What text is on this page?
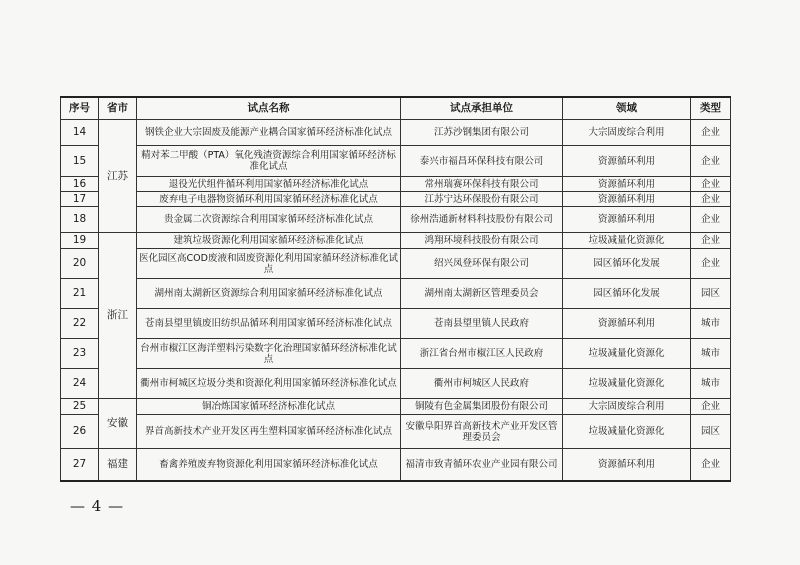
序号	省市	试点名称	试点承担单位	领域	类型
14	江苏	钢铁企业大宗固废及能源产业耦合国家循环经济标准化试点	江苏沙钢集团有限公司	大宗固废综合利用	企业
15		精对苯二甲酸（PTA）氧化残渣资源综合利用国家循环经济标准化试点	泰兴市福昌环保科技有限公司	资源循环利用	企业
16		退役光伏组件循环利用国家循环经济标准化试点	常州瑞赛环保科技有限公司	资源循环利用	企业
17		废弃电子电器物资循环利用国家循环经济标准化试点	江苏宁达环保股份有限公司	资源循环利用	企业
18		贵金属二次资源综合利用国家循环经济标准化试点	徐州浩通新材料科技股份有限公司	资源循环利用	企业
19	浙江	建筑垃圾资源化利用国家循环经济标准化试点	鸿翔环境科技股份有限公司	垃圾减量化资源化	企业
20		医化园区高COD废液和固废资源化利用国家循环经济标准化试点	绍兴凤登环保有限公司	园区循环化发展	企业
21		湖州南太湖新区资源综合利用国家循环经济标准化试点	湖州南太湖新区管理委员会	园区循环化发展	园区
22		苍南县望里镇废旧纺织品循环利用国家循环经济标准化试点	苍南县望里镇人民政府	资源循环利用	城市
23		台州市椒江区海洋塑料污染数字化治理国家循环经济标准化试点	浙江省台州市椒江区人民政府	垃圾减量化资源化	城市
24		衢州市柯城区垃圾分类和资源化利用国家循环经济标准化试点	衢州市柯城区人民政府	垃圾减量化资源化	城市
25	安徽	铜冶炼国家循环经济标准化试点	铜陵有色金属集团股份有限公司	大宗固废综合利用	企业
26		界首高新技术产业开发区再生塑料国家循环经济标准化试点	安徽阜阳界首高新技术产业开发区管理委员会	垃圾减量化资源化	园区
27	福建	畜禽养殖废弃物资源化利用国家循环经济标准化试点	福清市致青循环农业产业园有限公司	资源循环利用	企业
— 4 —
